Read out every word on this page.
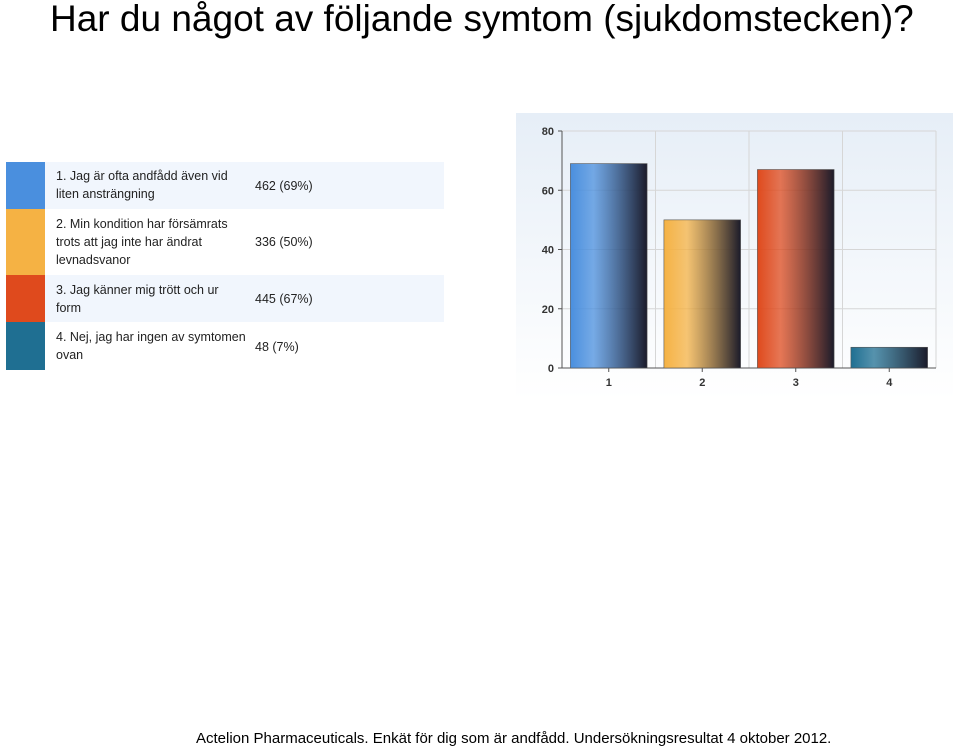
Har du något av följande symtom (sjukdomstecken)?
1. Jag är ofta andfådd även vid liten ansträngning
462 (69%)
2. Min kondition har försämrats trots att jag inte har ändrat levnadsvanor
336 (50%)
3. Jag känner mig trött och ur form
445 (67%)
4. Nej, jag har ingen av symtomen ovan
48 (7%)
0
20
40
60
80
1	2	3	4
Actelion Pharmaceuticals. Enkät för dig som är andfådd. Undersökningsresultat 4 oktober 2012.
